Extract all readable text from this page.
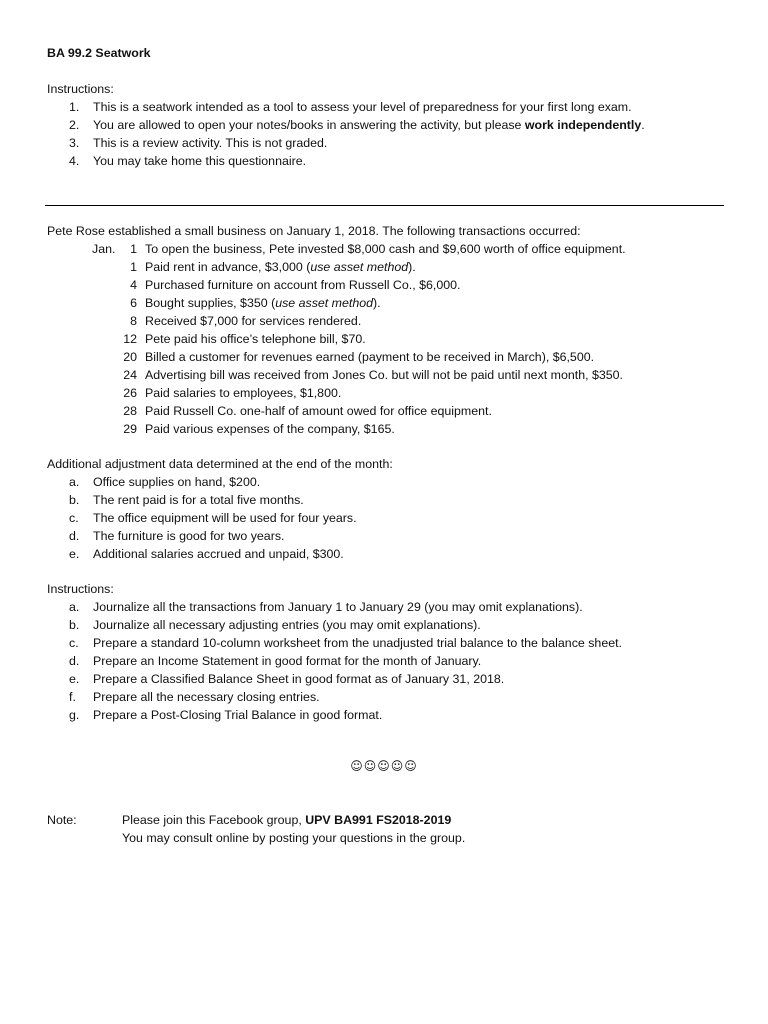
BA 99.2 Seatwork

Instructions:
1.	This is a seatwork intended as a tool to assess your level of preparedness for your first long exam.
2.	You are allowed to open your notes/books in answering the activity, but please work independently.
3.	This is a review activity. This is not graded.
4.	You may take home this questionnaire.
Pete Rose established a small business on January 1, 2018. The following transactions occurred:
Jan.	1 To open the business, Pete invested $8,000 cash and $9,600 worth of office equipment.
1 Paid rent in advance, $3,000 (use asset method).
4 Purchased furniture on account from Russell Co., $6,000.
6 Bought supplies, $350 (use asset method).
8 Received $7,000 for services rendered.
12 Pete paid his office’s telephone bill, $70.
20 Billed a customer for revenues earned (payment to be received in March), $6,500.
24 Advertising bill was received from Jones Co. but will not be paid until next month, $350.
26 Paid salaries to employees, $1,800.
28 Paid Russell Co. one-half of amount owed for office equipment.
29 Paid various expenses of the company, $165.
Additional adjustment data determined at the end of the month:
a.	Office supplies on hand, $200.
b.	The rent paid is for a total five months.
c.	The office equipment will be used for four years.
d.	The furniture is good for two years.
e.	Additional salaries accrued and unpaid, $300.
Instructions:
a.	Journalize all the transactions from January 1 to January 29 (you may omit explanations).
b.	Journalize all necessary adjusting entries (you may omit explanations).
c.	Prepare a standard 10-column worksheet from the unadjusted trial balance to the balance sheet.
d.	Prepare an Income Statement in good format for the month of January.
e.	Prepare a Classified Balance Sheet in good format as of January 31, 2018.
f.	Prepare all the necessary closing entries.
g.	Prepare a Post-Closing Trial Balance in good format.
☺☺☺☺☺
Note:	Please join this Facebook group, UPV BA991 FS2018-2019
You may consult online by posting your questions in the group.
